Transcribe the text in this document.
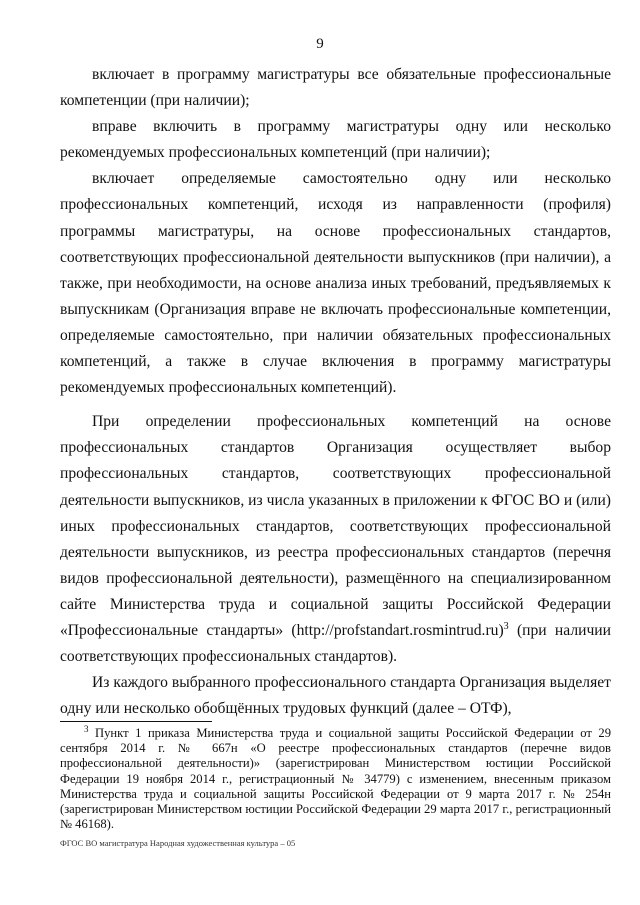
9

включает в программу магистратуры все обязательные профессиональные компетенции (при наличии);

вправе включить в программу магистратуры одну или несколько рекомендуемых профессиональных компетенций (при наличии);

включает определяемые самостоятельно одну или несколько профессиональных компетенций, исходя из направленности (профиля) программы магистратуры, на основе профессиональных стандартов, соответствующих профессиональной деятельности выпускников (при наличии), а также, при необходимости, на основе анализа иных требований, предъявляемых к выпускникам (Организация вправе не включать профессиональные компетенции, определяемые самостоятельно, при наличии обязательных профессиональных компетенций, а также в случае включения в программу магистратуры рекомендуемых профессиональных компетенций).

При определении профессиональных компетенций на основе профессиональных стандартов Организация осуществляет выбор профессиональных стандартов, соответствующих профессиональной деятельности выпускников, из числа указанных в приложении к ФГОС ВО и (или) иных профессиональных стандартов, соответствующих профессиональной деятельности выпускников, из реестра профессиональных стандартов (перечня видов профессиональной деятельности), размещённого на специализированном сайте Министерства труда и социальной защиты Российской Федерации «Профессиональные стандарты» (http://profstandart.rosmintrud.ru)$^3$ (при наличии соответствующих профессиональных стандартов).

Из каждого выбранного профессионального стандарта Организация выделяет одну или несколько обобщённых трудовых функций (далее – ОТФ),

$^3$ Пункт 1 приказа Министерства труда и социальной защиты Российской Федерации от 29 сентября 2014 г. № 667н «О реестре профессиональных стандартов (перечне видов профессиональной деятельности)» (зарегистрирован Министерством юстиции Российской Федерации 19 ноября 2014 г., регистрационный № 34779) с изменением, внесенным приказом Министерства труда и социальной защиты Российской Федерации от 9 марта 2017 г. № 254н (зарегистрирован Министерством юстиции Российской Федерации 29 марта 2017 г., регистрационный № 46168).

ФГОС ВО магистратура Народная художественная культура – 05
